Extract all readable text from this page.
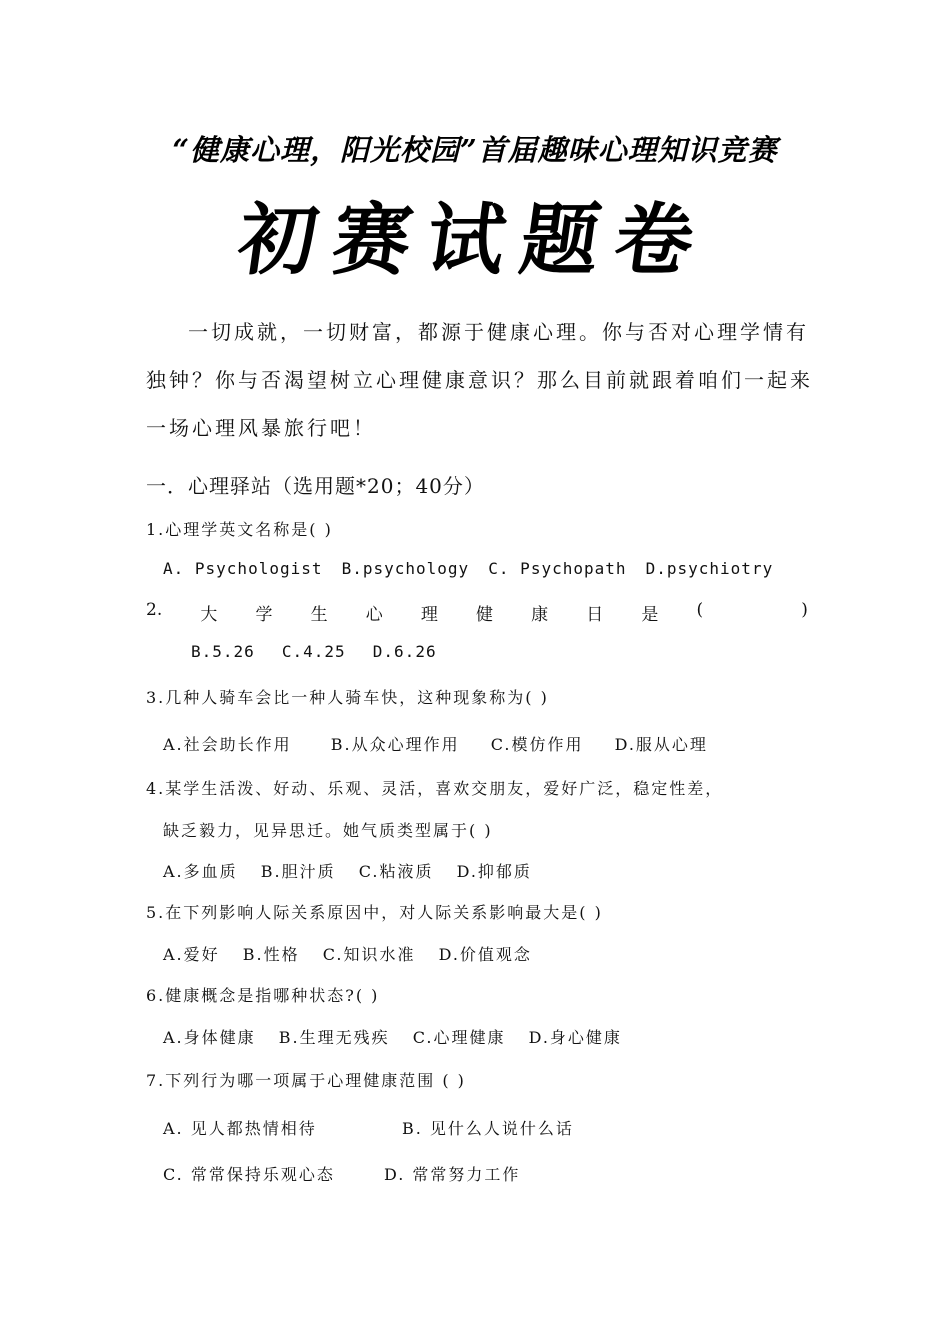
“健康心理，阳光校园”首届趣味心理知识竞赛
初赛试题卷
一切成就，一切财富，都源于健康心理。你与否对心理学情有
独钟？你与否渴望树立心理健康意识？那么目前就跟着咱们一起来
一场心理风暴旅行吧！
一．心理驿站（选用题*20；40分）
1.心理学英文名称是( )
A. Psychologist B.psychology C. Psychopath D.psychiotry
2. 大 学 生 心 理 健 康 日 是 (	)
B.5.26 C.4.25 D.6.26
3.几种人骑车会比一种人骑车快，这种现象称为( )
A.社会助长作用 B.从众心理作用 C.模仿作用 D.服从心理
4.某学生活泼、好动、乐观、灵活，喜欢交朋友，爱好广泛，稳定性差，
缺乏毅力，见异思迁。她气质类型属于( )
A.多血质 B.胆汁质 C.粘液质 D.抑郁质
5.在下列影响人际关系原因中，对人际关系影响最大是( )
A.爱好 B.性格 C.知识水准 D.价值观念
6.健康概念是指哪种状态?( )
A.身体健康 B.生理无残疾 C.心理健康 D.身心健康
7.下列行为哪一项属于心理健康范围 ( )
A. 见人都热情相待	B. 见什么人说什么话
C. 常常保持乐观心态	D. 常常努力工作
